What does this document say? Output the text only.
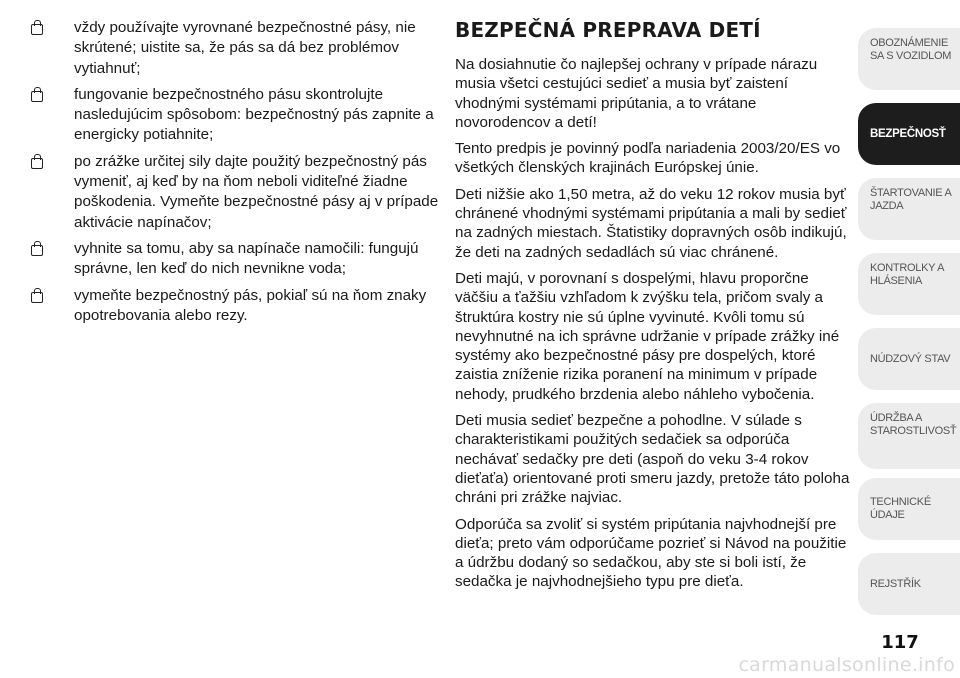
vždy používajte vyrovnané bezpečnostné pásy, nie skrútené; uistite sa, že pás sa dá bez problémov vytiahnuť;
fungovanie bezpečnostného pásu skontrolujte nasledujúcim spôsobom: bezpečnostný pás zapnite a energicky potiahnite;
po zrážke určitej sily dajte použitý bezpečnostný pás vymeniť, aj keď by na ňom neboli viditeľné žiadne poškodenia. Vymeňte bezpečnostné pásy aj v prípade aktivácie napínačov;
vyhnite sa tomu, aby sa napínače namočili: fungujú správne, len keď do nich nevnikne voda;
vymeňte bezpečnostný pás, pokiaľ sú na ňom znaky opotrebovania alebo rezy.
BEZPEČNÁ PREPRAVA DETÍ

Na dosiahnutie čo najlepšej ochrany v prípade nárazu musia všetci cestujúci sedieť a musia byť zaistení vhodnými systémami pripútania, a to vrátane novorodencov a detí!

Tento predpis je povinný podľa nariadenia 2003/20/ES vo všetkých členských krajinách Európskej únie.

Deti nižšie ako 1,50 metra, až do veku 12 rokov musia byť chránené vhodnými systémami pripútania a mali by sedieť na zadných miestach. Štatistiky dopravných osôb indikujú, že deti na zadných sedadlách sú viac chránené.

Deti majú, v porovnaní s dospelými, hlavu proporčne väčšiu a ťažšiu vzhľadom k zvýšku tela, pričom svaly a štruktúra kostry nie sú úplne vyvinuté. Kvôli tomu sú nevyhnutné na ich správne udržanie v prípade zrážky iné systémy ako bezpečnostné pásy pre dospelých, ktoré zaistia zníženie rizika poranení na minimum v prípade nehody, prudkého brzdenia alebo náhleho vybočenia.

Deti musia sedieť bezpečne a pohodlne. V súlade s charakteristikami použitých sedačiek sa odporúča nechávať sedačky pre deti (aspoň do veku 3-4 rokov dieťaťa) orientované proti smeru jazdy, pretože táto poloha chráni pri zrážke najviac.

Odporúča sa zvoliť si systém pripútania najvhodnejší pre dieťa; preto vám odporúčame pozrieť si Návod na použitie a údržbu dodaný so sedačkou, aby ste si boli istí, že sedačka je najvhodnejšieho typu pre dieťa.

OBOZNÁMENIE SA S VOZIDLOM
BEZPEČNOSŤ
ŠTARTOVANIE A JAZDA
KONTROLKY A HLÁSENIA
NÚDZOVÝ STAV
ÚDRŽBA A STAROSTLIVOSŤ
TECHNICKÉ ÚDAJE
REJSTŘÍK
117
carmanualsonline.info
